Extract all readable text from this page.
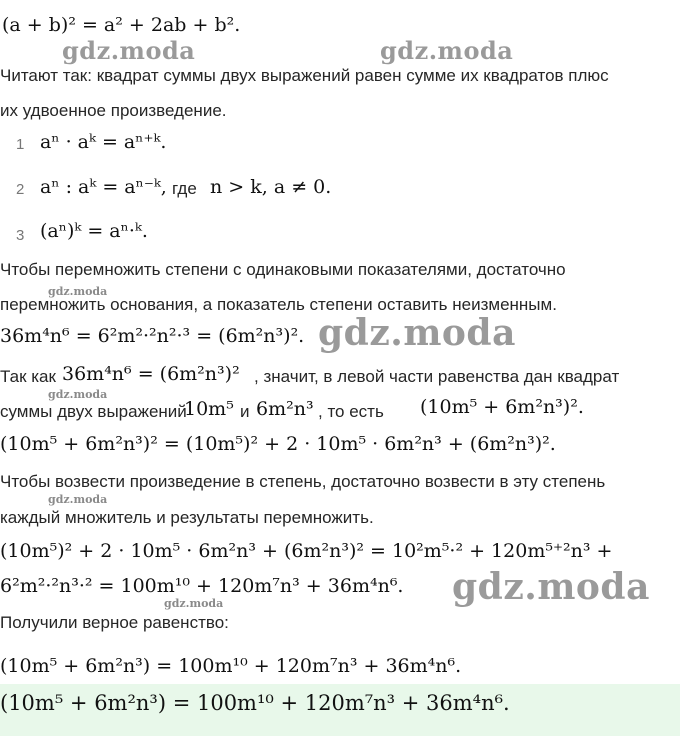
(a + b)² = a² + 2ab + b².
gdz.moda	gdz.moda
Читают так: квадрат суммы двух выражений равен сумме их квадратов плюс
их удвоенное произведение.
1 aⁿ · aᵏ = aⁿ⁺ᵏ.
2 aⁿ : aᵏ = aⁿ⁻ᵏ, где n > k, a ≠ 0.
3 (aⁿ)ᵏ = aⁿ·ᵏ.
Чтобы перемножить степени с одинаковыми показателями, достаточно
gdz.moda
перемножить основания, а показатель степени оставить неизменным.
36m⁴n⁶ = 6²m²·²n²·³ = (6m²n³)². gdz.moda
Так как 36m⁴n⁶ = (6m²n³)² , значит, в левой части равенства дан квадрат
gdz.moda
суммы двух выражений
10m⁵ и 6m²n³ , то есть (10m⁵ + 6m²n³)².
(10m⁵ + 6m²n³)² = (10m⁵)² + 2 · 10m⁵ · 6m²n³ + (6m²n³)².
Чтобы возвести произведение в степень, достаточно возвести в эту степень
gdz.moda
каждый множитель и результаты перемножить.
(10m⁵)² + 2 · 10m⁵ · 6m²n³ + (6m²n³)² = 10²m⁵·² + 120m⁵⁺²n³ +
6²m²·²n³·² = 100m¹⁰ + 120m⁷n³ + 36m⁴n⁶. gdz.moda
gdz.moda
Получили верное равенство:
(10m⁵ + 6m²n³) = 100m¹⁰ + 120m⁷n³ + 36m⁴n⁶.
(10m⁵ + 6m²n³) = 100m¹⁰ + 120m⁷n³ + 36m⁴n⁶.
